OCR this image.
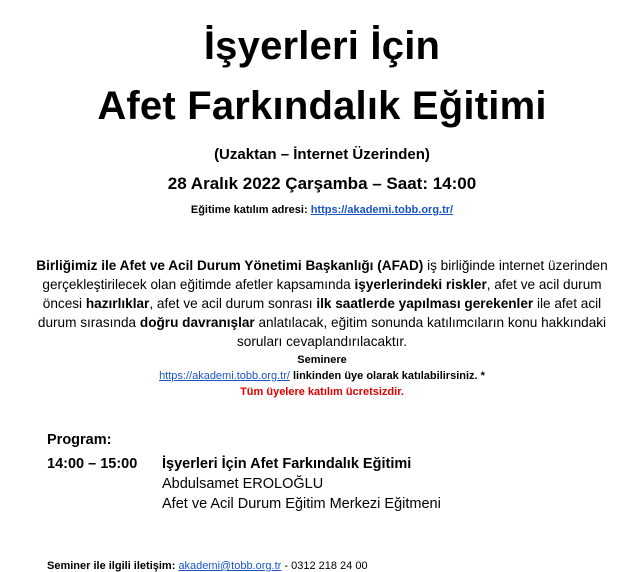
İşyerleri İçin
Afet Farkındalık Eğitimi
(Uzaktan – İnternet Üzerinden)
28 Aralık 2022 Çarşamba – Saat: 14:00
Eğitime katılım adresi: https://akademi.tobb.org.tr/
Birliğimiz ile Afet ve Acil Durum Yönetimi Başkanlığı (AFAD) iş birliğinde internet üzerinden gerçekleştirilecek olan eğitimde afetler kapsamında işyerlerindeki riskler, afet ve acil durum öncesi hazırlıklar, afet ve acil durum sonrası ilk saatlerde yapılması gerekenler ile afet acil durum sırasında doğru davranışlar anlatılacak, eğitim sonunda katılımcıların konu hakkındaki soruları cevaplandırılacaktır.
Seminere
https://akademi.tobb.org.tr/ linkinden üye olarak katılabilirsiniz. *
Tüm üyelere katılım ücretsizdir.
Program:
14:00 – 15:00 İşyerleri İçin Afet Farkındalık Eğitimi
Abdulsamet EROLOĞLU
Afet ve Acil Durum Eğitim Merkezi Eğitmeni
Seminer ile ilgili iletişim: akademi@tobb.org.tr - 0312 218 24 00
